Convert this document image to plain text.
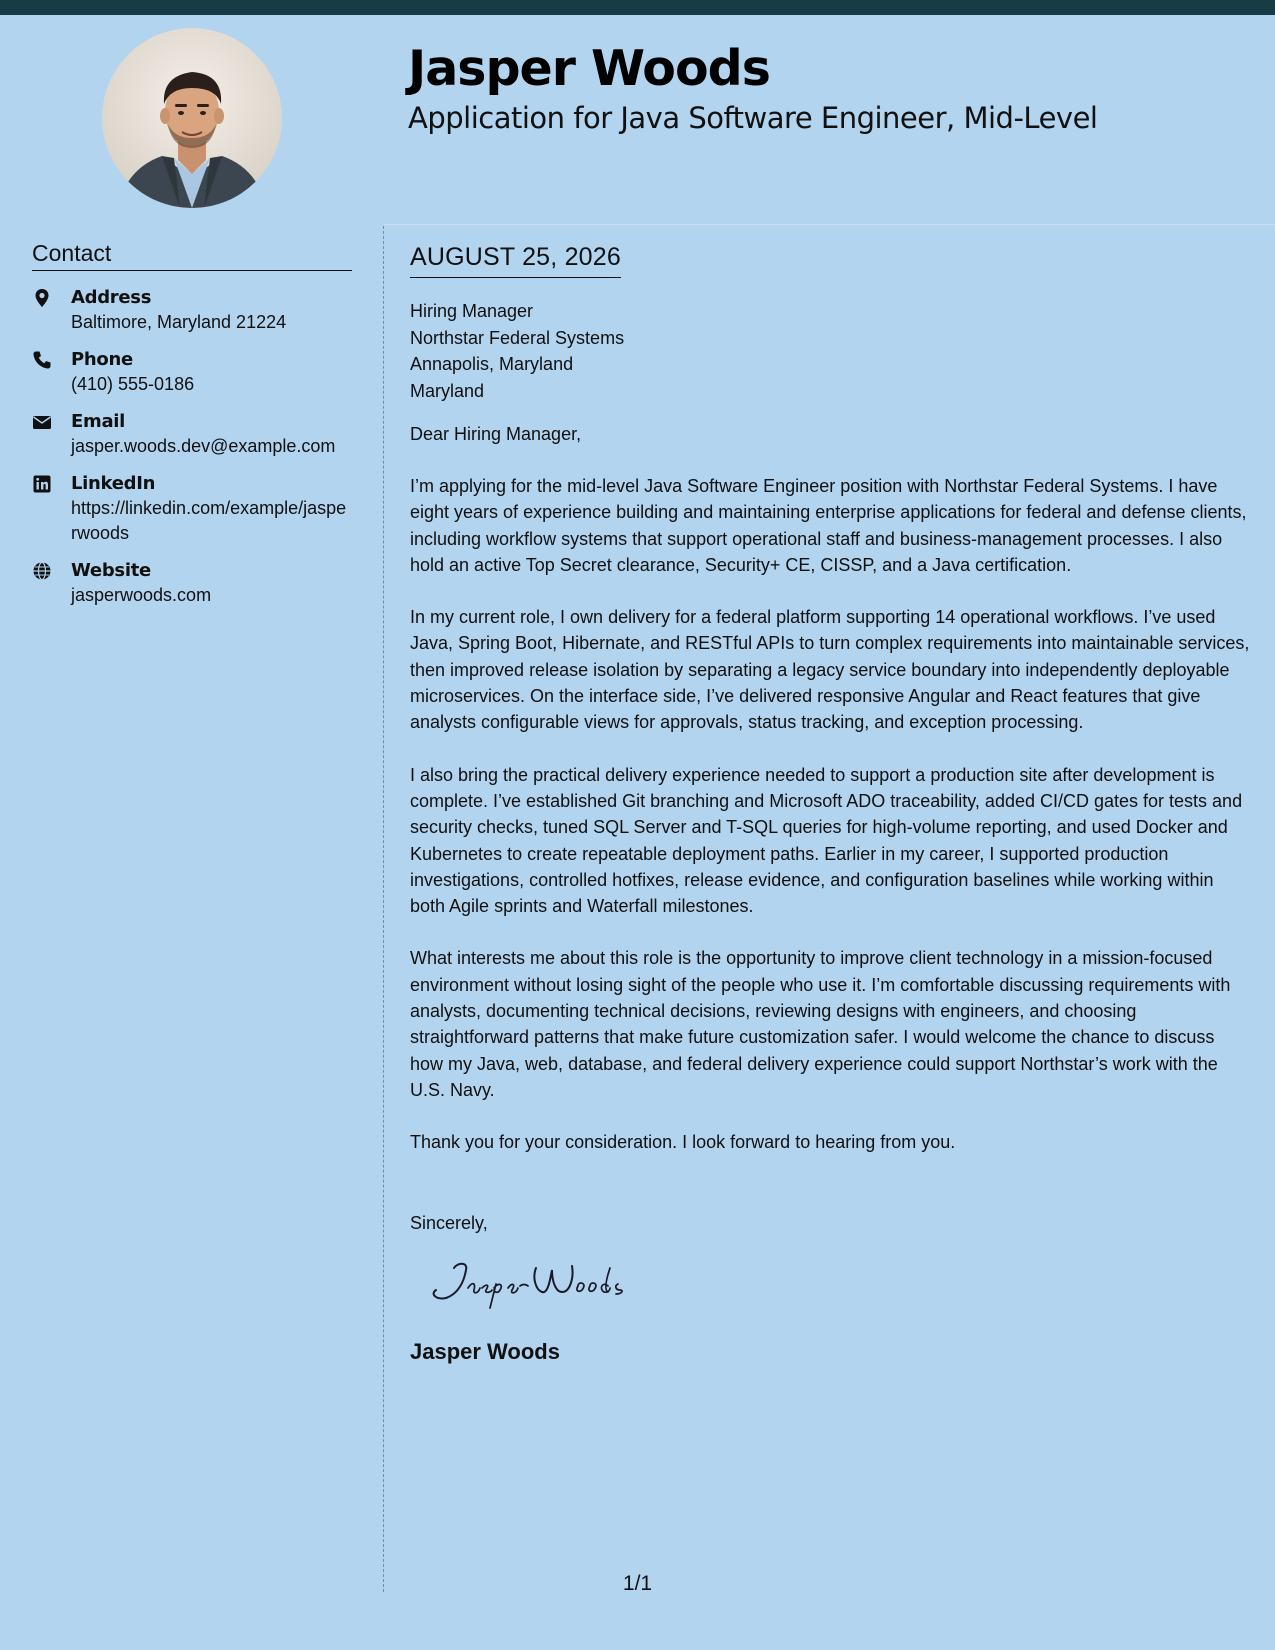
Jasper Woods
Application for Java Software Engineer, Mid-Level
Contact
Address
Baltimore, Maryland 21224
Phone
(410) 555-0186
Email
jasper.woods.dev@example.com
LinkedIn
https://linkedin.com/example/jasperwoods
Website
jasperwoods.com
AUGUST 25, 2026
Hiring Manager
Northstar Federal Systems
Annapolis, Maryland
Maryland
Dear Hiring Manager,

I’m applying for the mid-level Java Software Engineer position with Northstar Federal Systems. I have eight years of experience building and maintaining enterprise applications for federal and defense clients, including workflow systems that support operational staff and business-management processes. I also hold an active Top Secret clearance, Security+ CE, CISSP, and a Java certification.

In my current role, I own delivery for a federal platform supporting 14 operational workflows. I’ve used Java, Spring Boot, Hibernate, and RESTful APIs to turn complex requirements into maintainable services, then improved release isolation by separating a legacy service boundary into independently deployable microservices. On the interface side, I’ve delivered responsive Angular and React features that give analysts configurable views for approvals, status tracking, and exception processing.

I also bring the practical delivery experience needed to support a production site after development is complete. I’ve established Git branching and Microsoft ADO traceability, added CI/CD gates for tests and security checks, tuned SQL Server and T-SQL queries for high-volume reporting, and used Docker and Kubernetes to create repeatable deployment paths. Earlier in my career, I supported production investigations, controlled hotfixes, release evidence, and configuration baselines while working within both Agile sprints and Waterfall milestones.

What interests me about this role is the opportunity to improve client technology in a mission-focused environment without losing sight of the people who use it. I’m comfortable discussing requirements with analysts, documenting technical decisions, reviewing designs with engineers, and choosing straightforward patterns that make future customization safer. I would welcome the chance to discuss how my Java, web, database, and federal delivery experience could support Northstar’s work with the U.S. Navy.

Thank you for your consideration. I look forward to hearing from you.

Sincerely,
Jasper Woods
1/1
